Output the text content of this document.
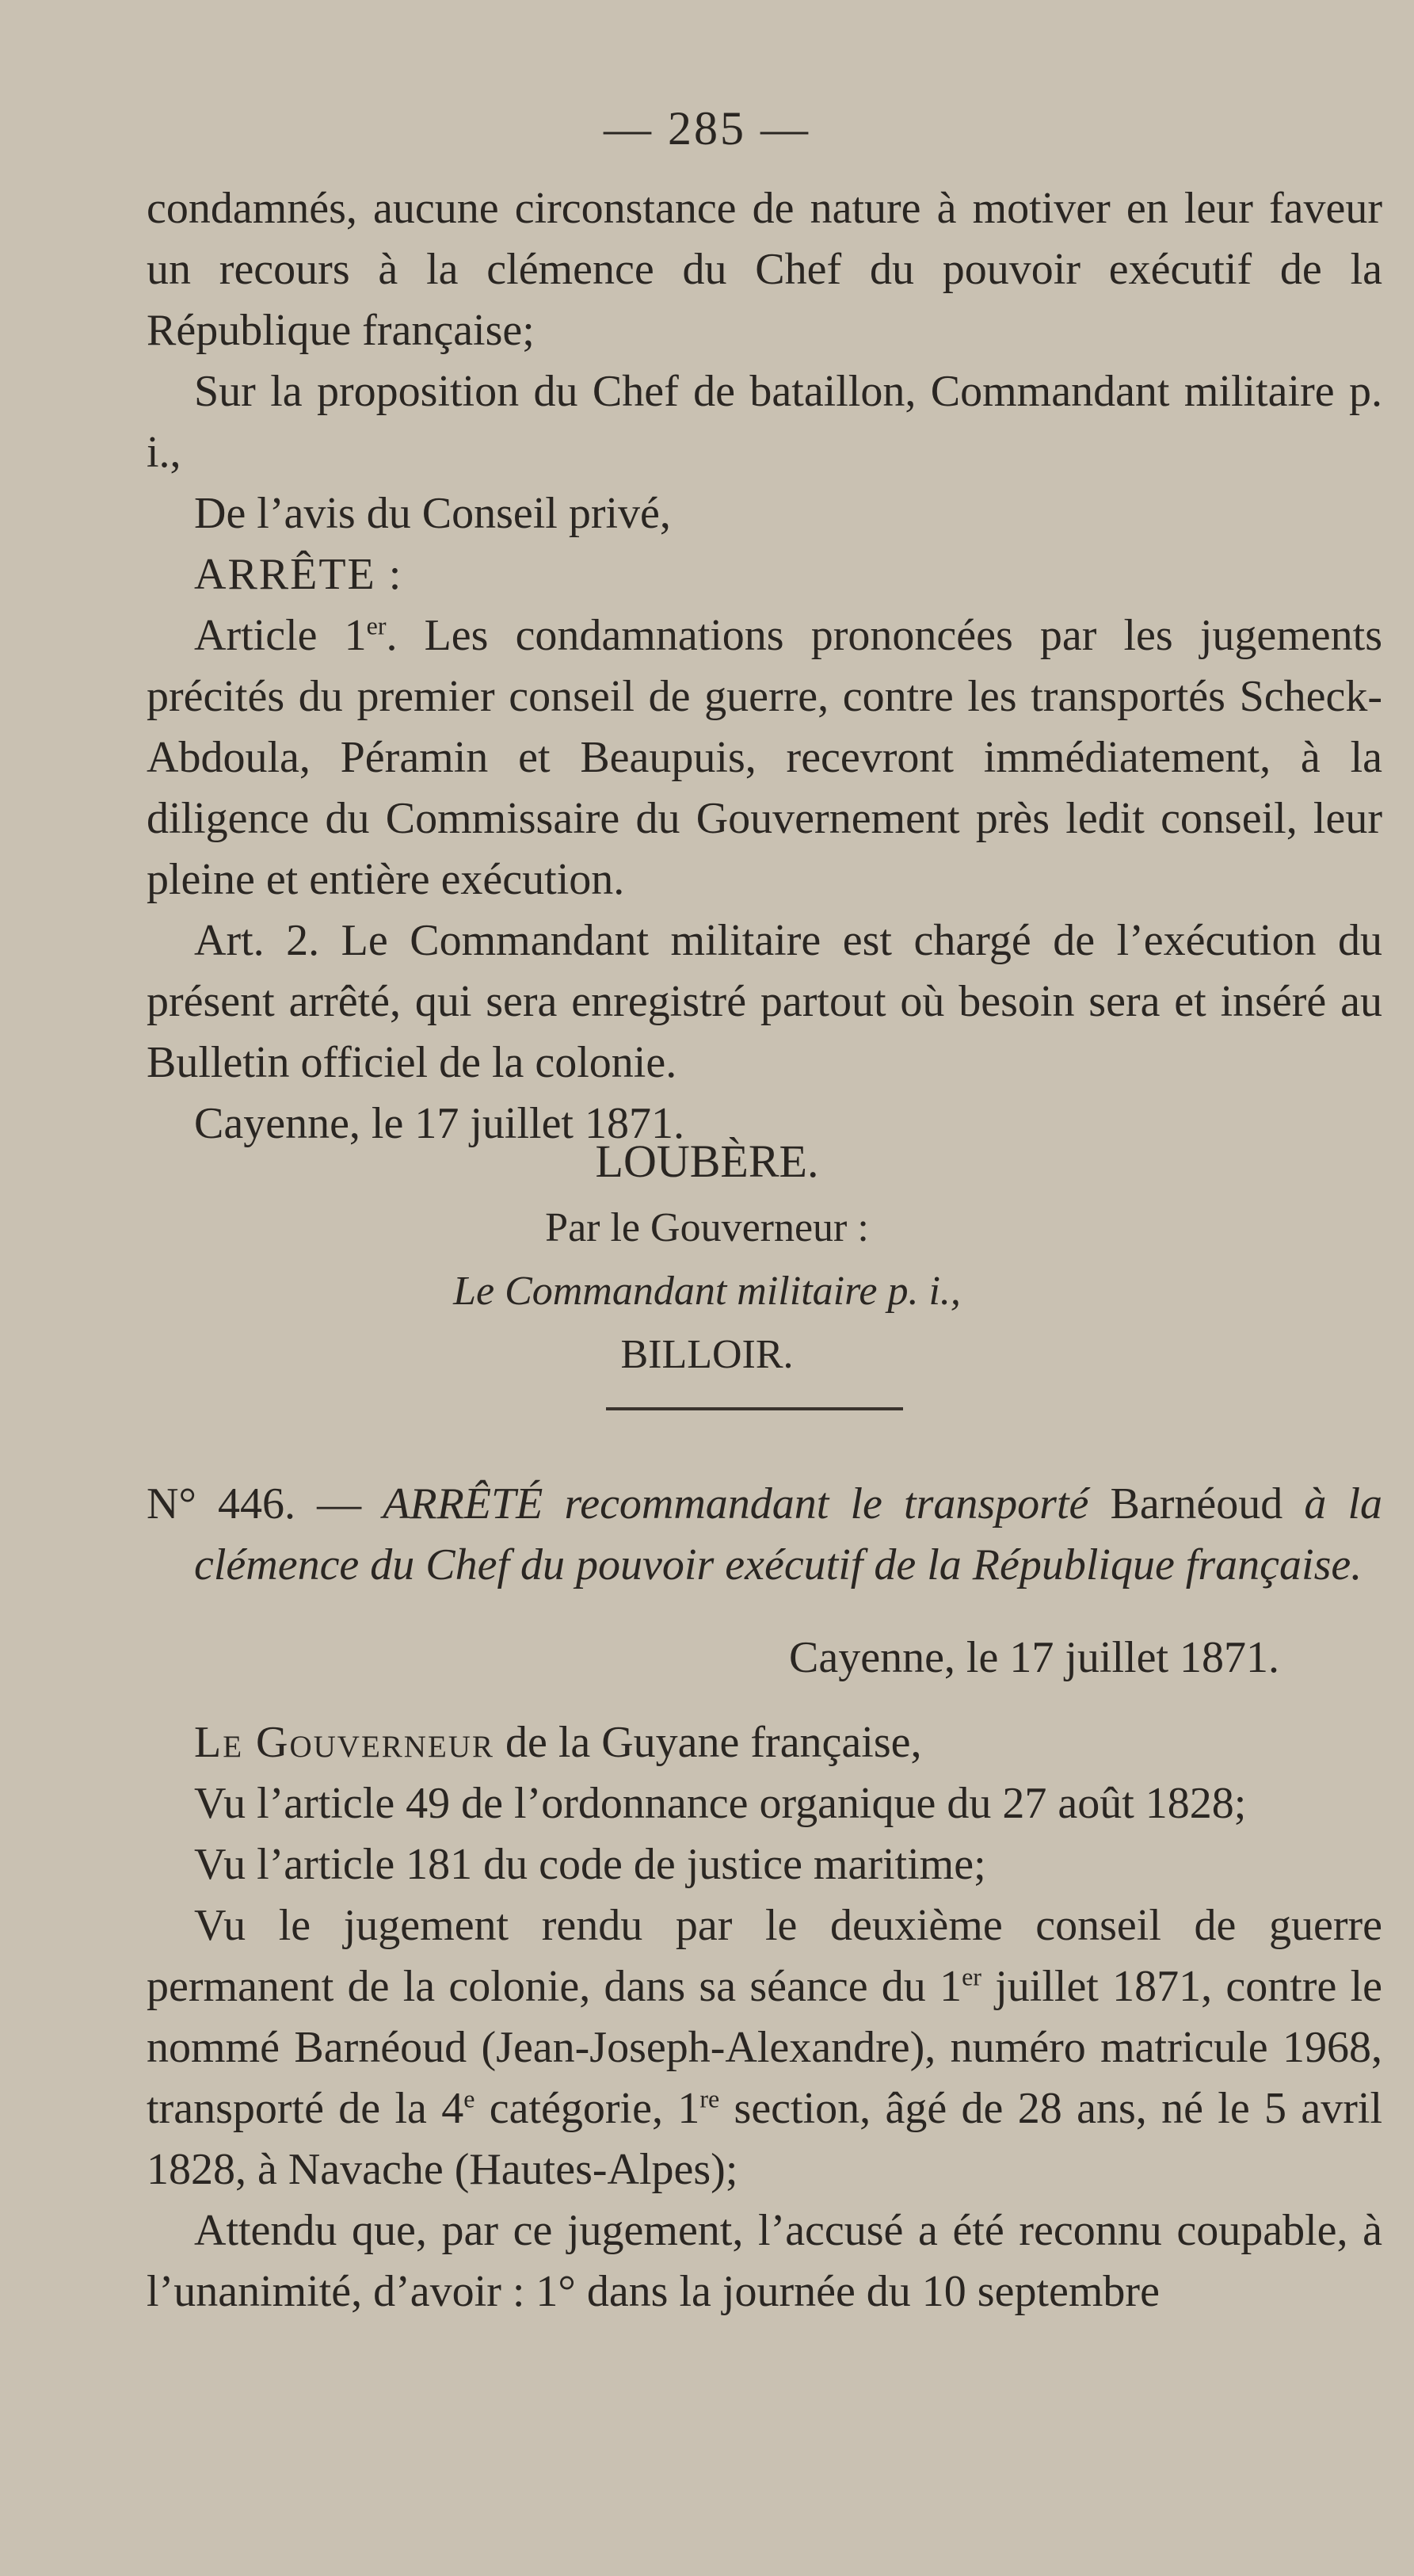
— 285 —

condamnés, aucune circonstance de nature à motiver en leur faveur un recours à la clémence du Chef du pouvoir exécutif de la République française;

Sur la proposition du Chef de bataillon, Commandant militaire p. i.,

De l’avis du Conseil privé,

ARRÊTE :

Article 1er. Les condamnations prononcées par les jugements précités du premier conseil de guerre, contre les transportés Scheck-Abdoula, Péramin et Beaupuis, recevront immédiatement, à la diligence du Commissaire du Gouvernement près ledit conseil, leur pleine et entière exécution.

Art. 2. Le Commandant militaire est chargé de l’exécution du présent arrêté, qui sera enregistré partout où besoin sera et inséré au Bulletin officiel de la colonie.

Cayenne, le 17 juillet 1871.

LOUBÈRE.
Par le Gouverneur :
Le Commandant militaire p. i.,
BILLOIR.

N° 446. — ARRÊTÉ recommandant le transporté Barnéoud à la clémence du Chef du pouvoir exécutif de la République française.

Cayenne, le 17 juillet 1871.

Le Gouverneur de la Guyane française,

Vu l’article 49 de l’ordonnance organique du 27 août 1828;

Vu l’article 181 du code de justice maritime;

Vu le jugement rendu par le deuxième conseil de guerre permanent de la colonie, dans sa séance du 1er juillet 1871, contre le nommé Barnéoud (Jean-Joseph-Alexandre), numéro matricule 1968, transporté de la 4e catégorie, 1re section, âgé de 28 ans, né le 5 avril 1828, à Navache (Hautes-Alpes);

Attendu que, par ce jugement, l’accusé a été reconnu coupable, à l’unanimité, d’avoir : 1° dans la journée du 10 septembre
